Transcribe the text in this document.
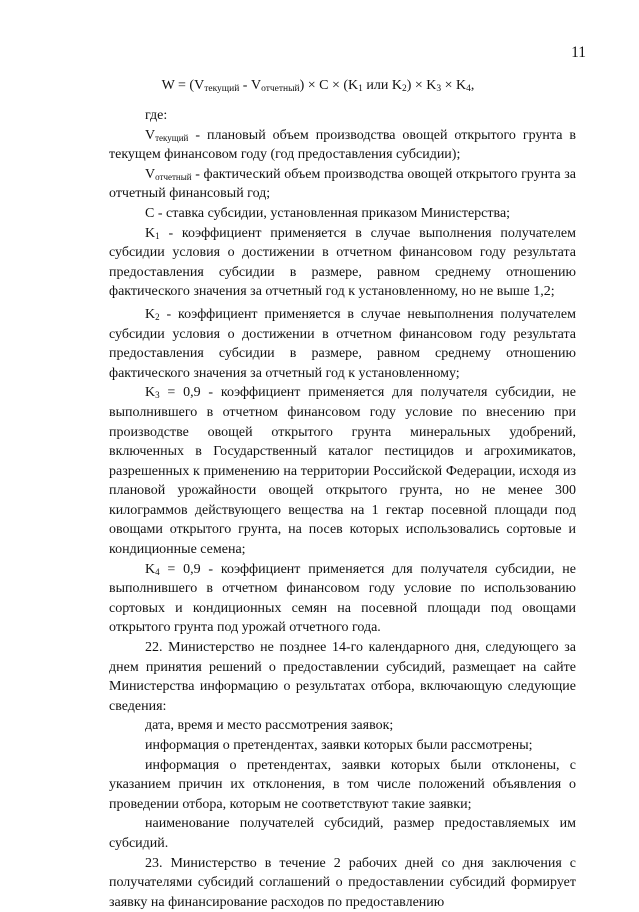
11
$W = (V_{текущий} - V_{отчетный}) \times C \times (K_1$ или $K_2) \times K_3 \times K_4$,

где:

$V_{текущий}$ - плановый объем производства овощей открытого грунта в текущем финансовом году (год предоставления субсидии);

$V_{отчетный}$ - фактический объем производства овощей открытого грунта за отчетный финансовый год;

C - ставка субсидии, установленная приказом Министерства;

$K_1$ - коэффициент применяется в случае выполнения получателем субсидии условия о достижении в отчетном финансовом году результата предоставления субсидии в размере, равном среднему отношению фактического значения за отчетный год к установленному, но не выше 1,2;

$K_2$ - коэффициент применяется в случае невыполнения получателем субсидии условия о достижении в отчетном финансовом году результата предоставления субсидии в размере, равном среднему отношению фактического значения за отчетный год к установленному;

$K_3 = 0,9$ - коэффициент применяется для получателя субсидии, не выполнившего в отчетном финансовом году условие по внесению при производстве овощей открытого грунта минеральных удобрений, включенных в Государственный каталог пестицидов и агрохимикатов, разрешенных к применению на территории Российской Федерации, исходя из плановой урожайности овощей открытого грунта, но не менее 300 килограммов действующего вещества на 1 гектар посевной площади под овощами открытого грунта, на посев которых использовались сортовые и кондиционные семена;

$K_4 = 0,9$ - коэффициент применяется для получателя субсидии, не выполнившего в отчетном финансовом году условие по использованию сортовых и кондиционных семян на посевной площади под овощами открытого грунта под урожай отчетного года.

22. Министерство не позднее 14-го календарного дня, следующего за днем принятия решений о предоставлении субсидий, размещает на сайте Министерства информацию о результатах отбора, включающую следующие сведения:

дата, время и место рассмотрения заявок;

информация о претендентах, заявки которых были рассмотрены;

информация о претендентах, заявки которых были отклонены, с указанием причин их отклонения, в том числе положений объявления о проведении отбора, которым не соответствуют такие заявки;

наименование получателей субсидий, размер предоставляемых им субсидий.

23. Министерство в течение 2 рабочих дней со дня заключения с получателями субсидий соглашений о предоставлении субсидий формирует заявку на финансирование расходов по предоставлению
